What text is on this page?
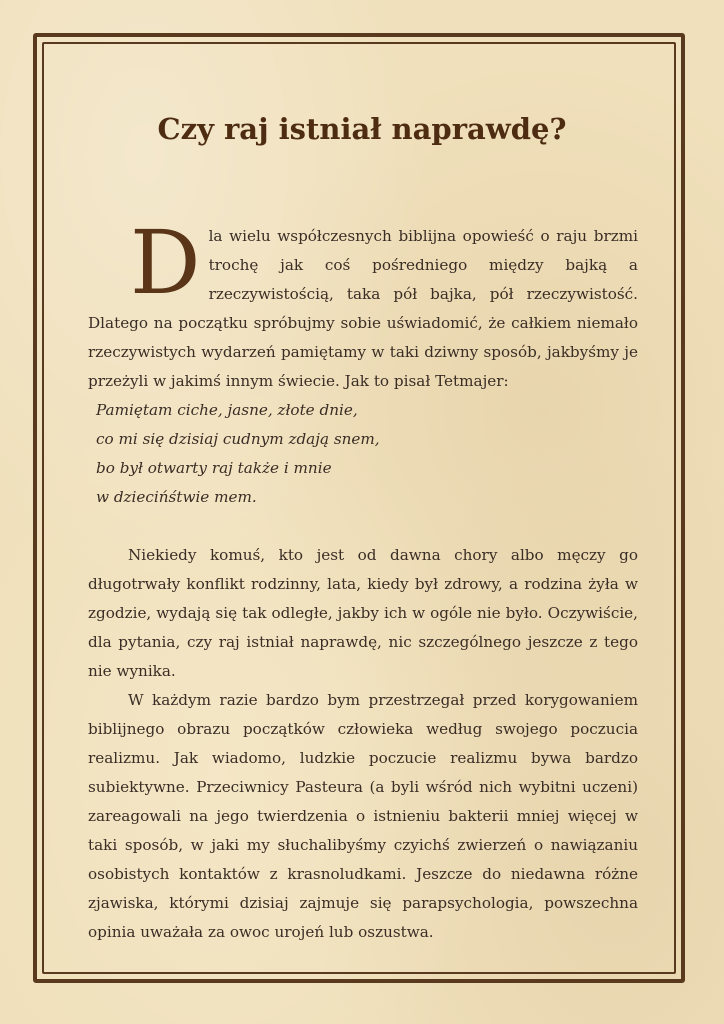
Czy raj istniał naprawdę?

Dla wielu współczesnych biblijna opowieść o raju brzmi trochę jak coś pośredniego między bajką a rzeczywistością, taka pół bajka, pół rzeczywistość. Dlatego na początku spróbujmy sobie uświadomić, że całkiem niemało rzeczywistych wydarzeń pamiętamy w taki dziwny sposób, jakbyśmy je przeżyli w jakimś innym świecie. Jak to pisał Tetmajer:

Pamiętam ciche, jasne, złote dnie,
co mi się dzisiaj cudnym zdają snem,
bo był otwarty raj także i mnie
w dziecińśtwie mem.

Niekiedy komuś, kto jest od dawna chory albo męczy go długotrwały konflikt rodzinny, lata, kiedy był zdrowy, a rodzina żyła w zgodzie, wydają się tak odległe, jakby ich w ogóle nie było. Oczywiście, dla pytania, czy raj istniał naprawdę, nic szczególnego jeszcze z tego nie wynika.

W każdym razie bardzo bym przestrzegał przed korygowaniem biblijnego obrazu początków człowieka według swojego poczucia realizmu. Jak wiadomo, ludzkie poczucie realizmu bywa bardzo subiektywne. Przeciwnicy Pasteura (a byli wśród nich wybitni uczeni) zareagowali na jego twierdzenia o istnieniu bakterii mniej więcej w taki sposób, w jaki my słuchalibyśmy czyichś zwierzeń o nawiązaniu osobistych kontaktów z krasnoludkami. Jeszcze do niedawna różne zjawiska, którymi dzisiaj zajmuje się parapsychologia, powszechna opinia uważała za owoc urojeń lub oszustwa.
